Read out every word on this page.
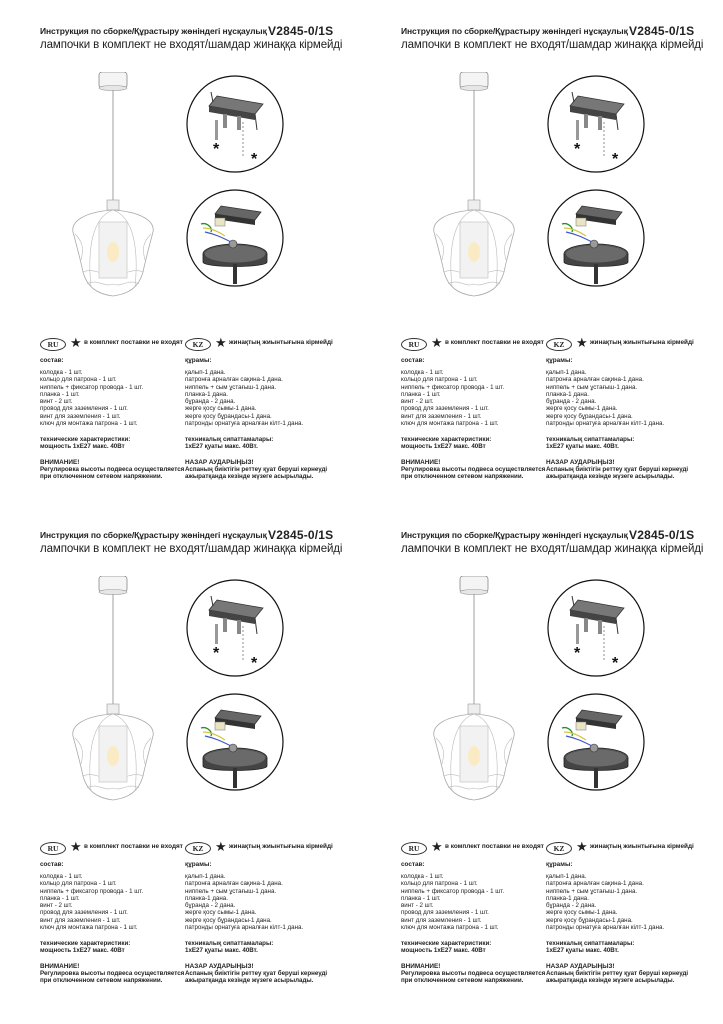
Инструкция по сборке/Құрастыру жөніндегі нұсқаулық V2845-0/1S
лампочки в комплект не входят/шамдар жинаққа кірмейді
*
*
RU ★ в комплект поставки не входят
состав:
колодка - 1 шт.
кольцо для патрона - 1 шт.
ниппель + фиксатор провода - 1 шт.
планка - 1 шт.
винт - 2 шт.
провод для заземления - 1 шт.
винт для заземления - 1 шт.
ключ для монтажа патрона - 1 шт.
технические характеристики:
мощность 1хЕ27 макс. 40Вт
ВНИМАНИЕ!
Регулировка высоты подвеса осуществляется
при отключенном сетевом напряжении.
KZ ★ жинақтың жиынтығына кірмейді
құрамы:
қалып-1 дана.
патронға арналған сақина-1 дана.
ниппель + сым ұстағыш-1 дана.
планка-1 дана.
бұранда - 2 дана.
жерге қосу сымы-1 дана.
жерге қосу бұрандасы-1 дана.
патронды орнатуға арналған кілт-1 дана.
техникалық сипаттамалары:
1хЕ27 қуаты макс. 40Вт.
НАЗАР АУДАРЫҢЫЗ!
Аспаның биіктігін реттеу қуат беруші кернеуді
ажыратқанда кезінде жүзеге асырылады.
Инструкция по сборке/Құрастыру жөніндегі нұсқаулық V2845-0/1S
лампочки в комплект не входят/шамдар жинаққа кірмейді
*
*
RU ★ в комплект поставки не входят
состав:
колодка - 1 шт.
кольцо для патрона - 1 шт.
ниппель + фиксатор провода - 1 шт.
планка - 1 шт.
винт - 2 шт.
провод для заземления - 1 шт.
винт для заземления - 1 шт.
ключ для монтажа патрона - 1 шт.
технические характеристики:
мощность 1хЕ27 макс. 40Вт
ВНИМАНИЕ!
Регулировка высоты подвеса осуществляется
при отключенном сетевом напряжении.
KZ ★ жинақтың жиынтығына кірмейді
құрамы:
қалып-1 дана.
патронға арналған сақина-1 дана.
ниппель + сым ұстағыш-1 дана.
планка-1 дана.
бұранда - 2 дана.
жерге қосу сымы-1 дана.
жерге қосу бұрандасы-1 дана.
патронды орнатуға арналған кілт-1 дана.
техникалық сипаттамалары:
1хЕ27 қуаты макс. 40Вт.
НАЗАР АУДАРЫҢЫЗ!
Аспаның биіктігін реттеу қуат беруші кернеуді
ажыратқанда кезінде жүзеге асырылады.
Инструкция по сборке/Құрастыру жөніндегі нұсқаулық V2845-0/1S
лампочки в комплект не входят/шамдар жинаққа кірмейді
*
*
RU ★ в комплект поставки не входят
состав:
колодка - 1 шт.
кольцо для патрона - 1 шт.
ниппель + фиксатор провода - 1 шт.
планка - 1 шт.
винт - 2 шт.
провод для заземления - 1 шт.
винт для заземления - 1 шт.
ключ для монтажа патрона - 1 шт.
технические характеристики:
мощность 1хЕ27 макс. 40Вт
ВНИМАНИЕ!
Регулировка высоты подвеса осуществляется
при отключенном сетевом напряжении.
KZ ★ жинақтың жиынтығына кірмейді
құрамы:
қалып-1 дана.
патронға арналған сақина-1 дана.
ниппель + сым ұстағыш-1 дана.
планка-1 дана.
бұранда - 2 дана.
жерге қосу сымы-1 дана.
жерге қосу бұрандасы-1 дана.
патронды орнатуға арналған кілт-1 дана.
техникалық сипаттамалары:
1хЕ27 қуаты макс. 40Вт.
НАЗАР АУДАРЫҢЫЗ!
Аспаның биіктігін реттеу қуат беруші кернеуді
ажыратқанда кезінде жүзеге асырылады.
Инструкция по сборке/Құрастыру жөніндегі нұсқаулық V2845-0/1S
лампочки в комплект не входят/шамдар жинаққа кірмейді
*
*
RU ★ в комплект поставки не входят
состав:
колодка - 1 шт.
кольцо для патрона - 1 шт.
ниппель + фиксатор провода - 1 шт.
планка - 1 шт.
винт - 2 шт.
провод для заземления - 1 шт.
винт для заземления - 1 шт.
ключ для монтажа патрона - 1 шт.
технические характеристики:
мощность 1хЕ27 макс. 40Вт
ВНИМАНИЕ!
Регулировка высоты подвеса осуществляется
при отключенном сетевом напряжении.
KZ ★ жинақтың жиынтығына кірмейді
құрамы:
қалып-1 дана.
патронға арналған сақина-1 дана.
ниппель + сым ұстағыш-1 дана.
планка-1 дана.
бұранда - 2 дана.
жерге қосу сымы-1 дана.
жерге қосу бұрандасы-1 дана.
патронды орнатуға арналған кілт-1 дана.
техникалық сипаттамалары:
1хЕ27 қуаты макс. 40Вт.
НАЗАР АУДАРЫҢЫЗ!
Аспаның биіктігін реттеу қуат беруші кернеуді
ажыратқанда кезінде жүзеге асырылады.
